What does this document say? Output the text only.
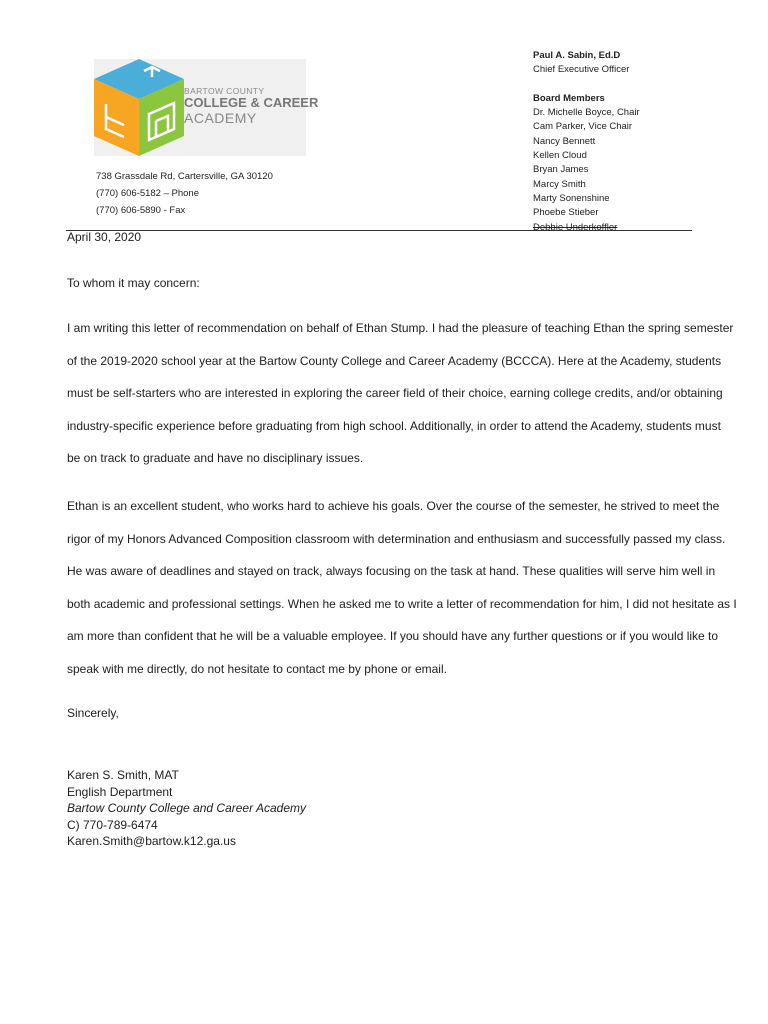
BARTOW COUNTY
COLLEGE & CAREER
ACADEMY
738 Grassdale Rd, Cartersville, GA 30120
(770) 606-5182 – Phone
(770) 606-5890 - Fax
Paul A. Sabin, Ed.D
Chief Executive Officer
Board Members
Dr. Michelle Boyce, Chair
Cam Parker, Vice Chair
Nancy Bennett
Kellen Cloud
Bryan James
Marcy Smith
Marty Sonenshine
Phoebe Stieber
Debbie Underkoffler
April 30, 2020
To whom it may concern:
I am writing this letter of recommendation on behalf of Ethan Stump. I had the pleasure of teaching Ethan the spring semester
of the 2019-2020 school year at the Bartow County College and Career Academy (BCCCA). Here at the Academy, students
must be self-starters who are interested in exploring the career field of their choice, earning college credits, and/or obtaining
industry-specific experience before graduating from high school. Additionally, in order to attend the Academy, students must
be on track to graduate and have no disciplinary issues.
Ethan is an excellent student, who works hard to achieve his goals. Over the course of the semester, he strived to meet the
rigor of my Honors Advanced Composition classroom with determination and enthusiasm and successfully passed my class.
He was aware of deadlines and stayed on track, always focusing on the task at hand. These qualities will serve him well in
both academic and professional settings. When he asked me to write a letter of recommendation for him, I did not hesitate as I
am more than confident that he will be a valuable employee. If you should have any further questions or if you would like to
speak with me directly, do not hesitate to contact me by phone or email.
Sincerely,
Karen S. Smith, MAT
English Department
Bartow County College and Career Academy
C) 770-789-6474
Karen.Smith@bartow.k12.ga.us
